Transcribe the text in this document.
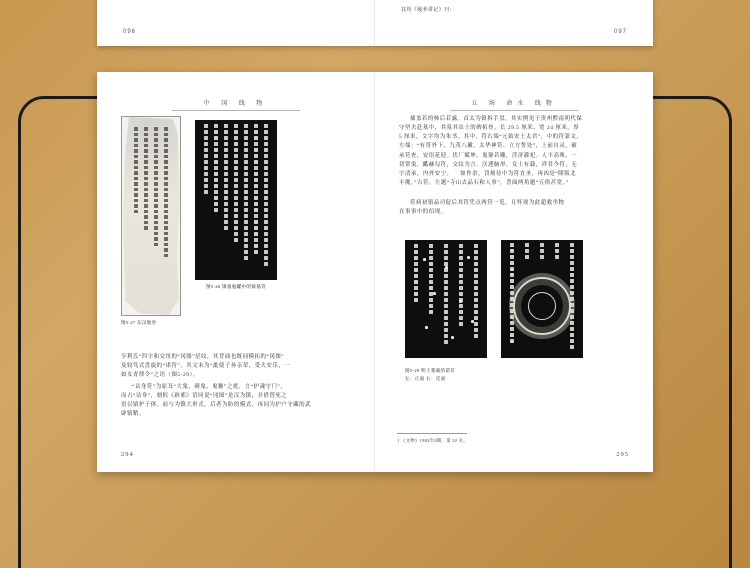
096
其均《绫养讲记》曰：
097
中 国 线 物
图5-27 东汉地券
图5-26 镇墓瓶罐中的镇墓符
亨利氏”四字和交纽的“冈图”星纹，其背面也既同模拓的“冈图”
及较笃式盘旋的“诺符”，其文未为“泚使子孙亲荣，受夫安乐，一
如女青律令”之语（图5-29）。
“诘身符”为原耳“大鬼、刺鬼、鬼魅”之扰，言“护魂守门”，
而占“诘身”，刻似《辟邪》语同说“冈图”是汉为镇，并借替死之
语以镇护子体。前与为镇大形式，后者为防的模式，再同为护户守藏的武
辟镇鞘。
294
五 场 命水 线物
插盖若的柿后若露。首太为镇拆手盘，其实例见于贵州黔南明代保
守坚夫赴墓中，其墓其出土的碑拓骨。长 29.5 厘米、宽 24 厘米，厚
5 厘米，文字均为朱书。其中，符右端“元始安土太君”，中的符篆文，
左端：“有符外下，九茂八徽、太华神符、立方誓处”，上前自灵。破
承符查，安语花迎。伏厂赋坤。鬼躯若雕，浮济灌祀。人丰高殊，一
切常鬼，瓤赫勾符，交纹为言。沃透脑形。女土有载，祥君今符，无
字清承，内外安宁。 　如作余，罚刻待中为符直圣，再凶是“隆版北
丰魔。”吉符，左题“寺山去品石和人事”，普面两角题“五俗甚宽。”
符病初镇品司促后其符凭点两符一览，且怀现为此超救坐物
在事事中的伯现。
图5-29 明王菜幕的诺符
左：正面 右：反面
1 《文物》1982年8期、第 52 页。
295
